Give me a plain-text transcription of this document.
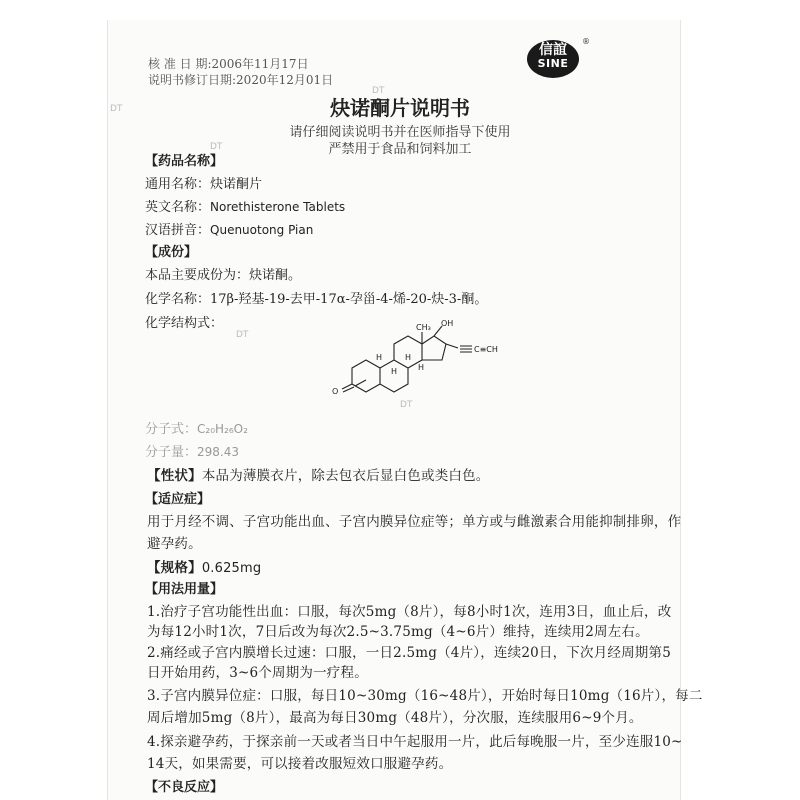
核 准 日 期:2006年11月17日
说明书修订日期:2020年12月01日
信誼
SINE
®
炔诺酮片说明书
请仔细阅读说明书并在医师指导下使用
严禁用于食品和饲料加工
DT
DT
DT
DT
DT
【药品名称】
通用名称：炔诺酮片
英文名称：Norethisterone Tablets
汉语拼音：Quenuotong Pian
【成份】
本品主要成份为：炔诺酮。
化学名称：17β-羟基-19-去甲-17α-孕甾-4-烯-20-炔-3-酮。
化学结构式：
O
CH₃ OH
C≡CH
H	H
H	H
分子式：C₂₀H₂₆O₂
分子量：298.43
【性状】本品为薄膜衣片，除去包衣后显白色或类白色。
【适应症】
用于月经不调、子宫功能出血、子宫内膜异位症等；单方或与雌激素合用能抑制排卵，作
避孕药。
【规格】0.625mg
【用法用量】
1.治疗子宫功能性出血：口服，每次5mg（8片），每8小时1次，连用3日，血止后，改
为每12小时1次，7日后改为每次2.5~3.75mg（4~6片）维持，连续用2周左右。
2.痛经或子宫内膜增长过速：口服，一日2.5mg（4片），连续20日，下次月经周期第5
日开始用药，3~6个周期为一疗程。
3.子宫内膜异位症：口服，每日10~30mg（16~48片），开始时每日10mg（16片），每二
周后增加5mg（8片），最高为每日30mg（48片），分次服，连续服用6~9个月。
4.探亲避孕药，于探亲前一天或者当日中午起服用一片，此后每晚服一片，至少连服10~
14天，如果需要，可以接着改服短效口服避孕药。
【不良反应】
